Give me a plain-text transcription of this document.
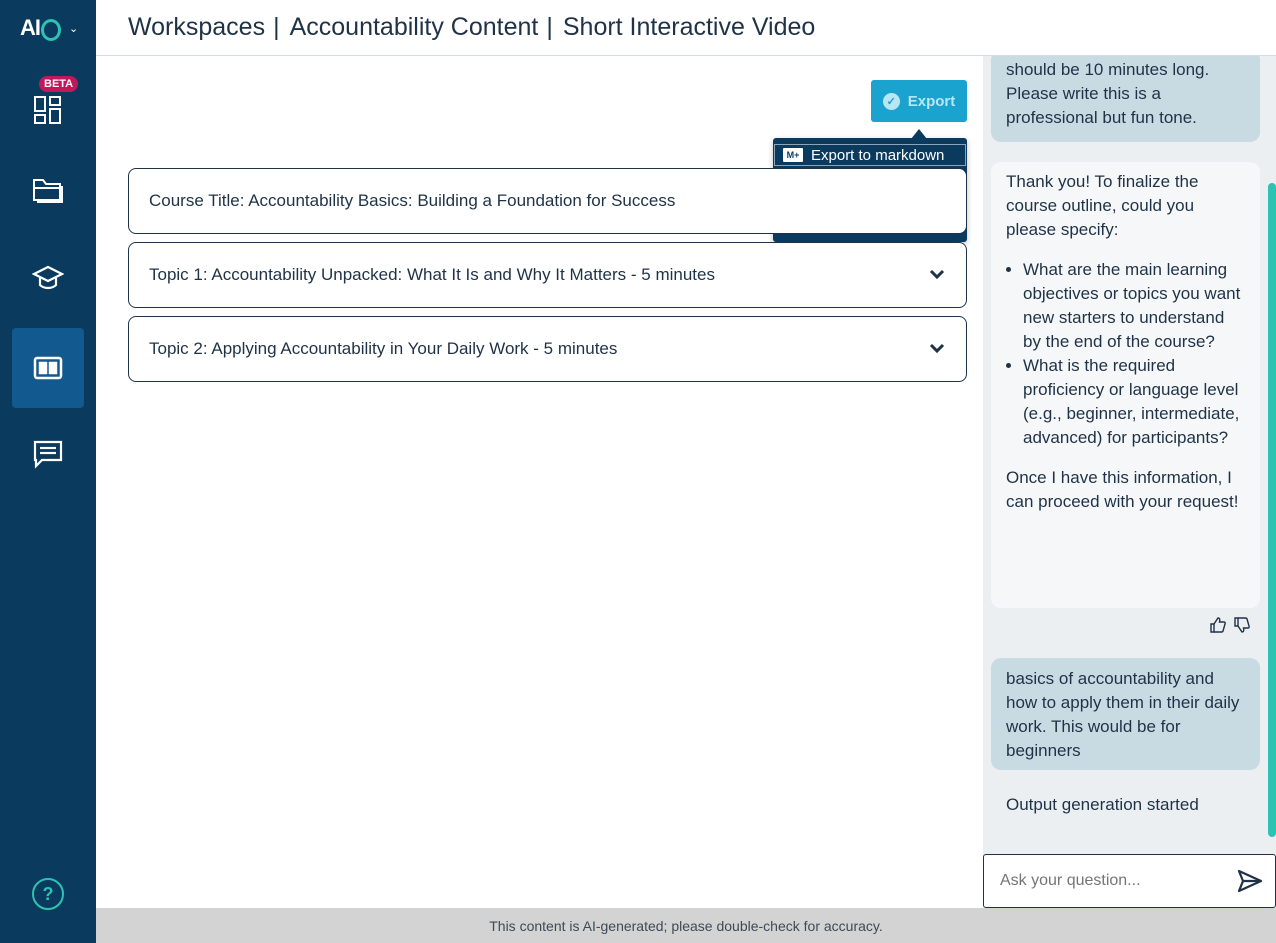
AI	⌄
BETA
?
Workspaces | Accountability Content | Short Interactive Video
✓ Export
M+ Export to markdown
Course Title: Accountability Basics: Building a Foundation for Success
Topic 1: Accountability Unpacked: What It Is and Why It Matters - 5 minutes
Topic 2: Applying Accountability in Your Daily Work - 5 minutes
should be 10 minutes long. Please write this is a professional but fun tone.
Thank you! To finalize the course outline, could you please specify:
• What are the main learning objectives or topics you want new starters to understand by the end of the course?
• What is the required proficiency or language level (e.g., beginner, intermediate, advanced) for participants?
Once I have this information, I can proceed with your request!
basics of accountability and how to apply them in their daily work. This would be for beginners
Output generation started
Ask your question...
This content is AI-generated; please double-check for accuracy.
